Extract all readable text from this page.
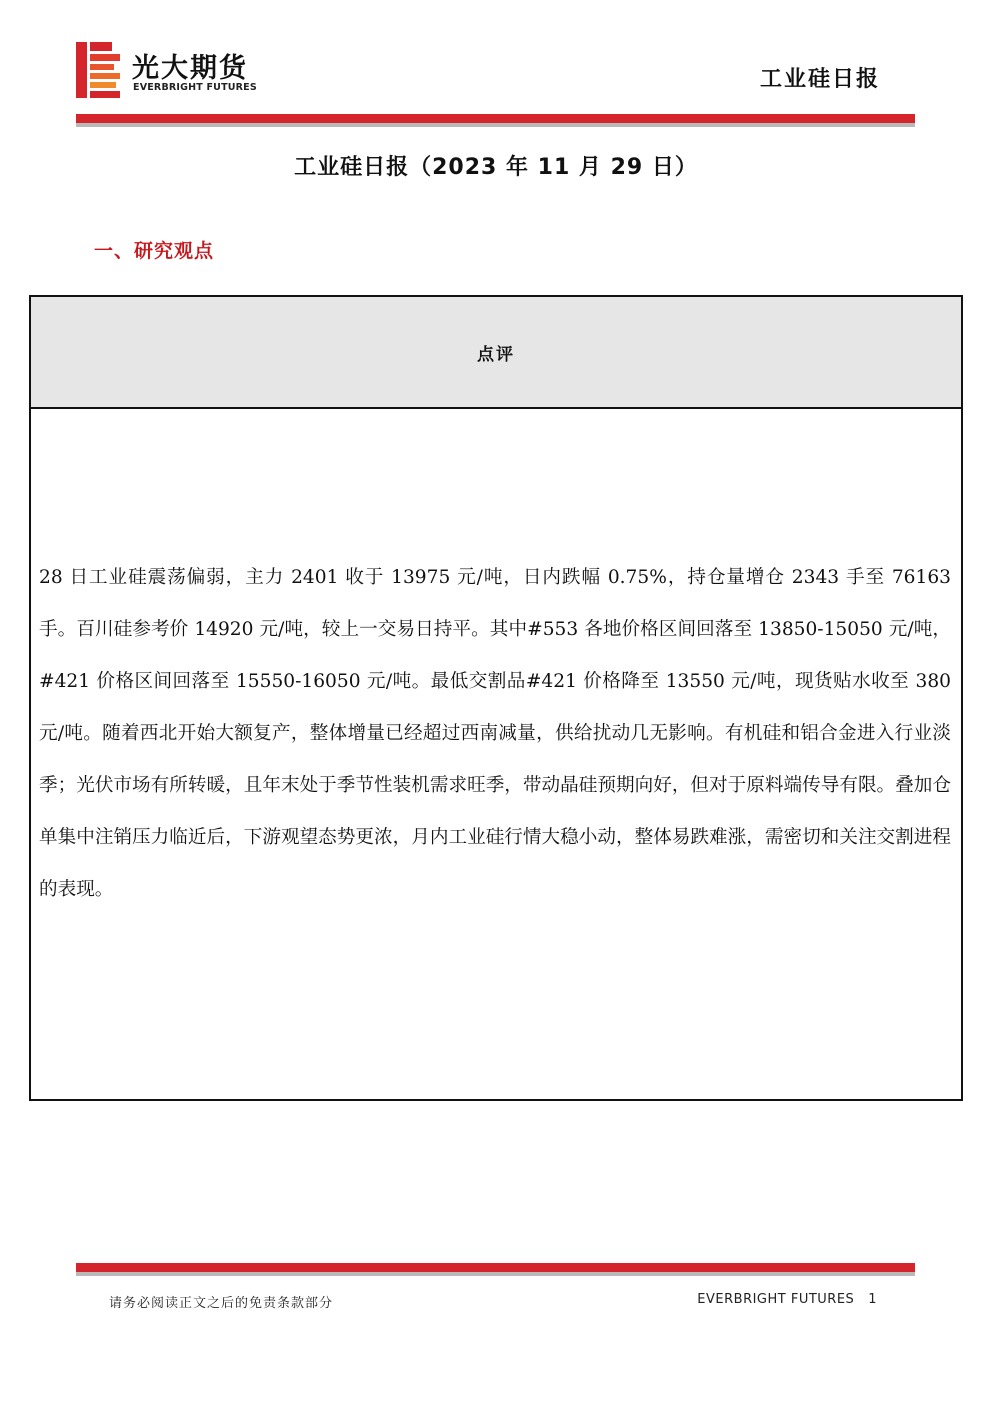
光大期货
EVERBRIGHT FUTURES	工业硅日报
工业硅日报（2023 年 11 月 29 日）
一、研究观点
点评

28 日工业硅震荡偏弱，主力 2401 收于 13975 元/吨，日内跌幅 0.75%，持仓量增仓 2343 手至 76163 手。百川硅参考价 14920 元/吨，较上一交易日持平。其中#553 各地价格区间回落至 13850-15050 元/吨，#421 价格区间回落至 15550-16050 元/吨。最低交割品#421 价格降至 13550 元/吨，现货贴水收至 380 元/吨。随着西北开始大额复产，整体增量已经超过西南减量，供给扰动几无影响。有机硅和铝合金进入行业淡季；光伏市场有所转暖，且年末处于季节性装机需求旺季，带动晶硅预期向好，但对于原料端传导有限。叠加仓单集中注销压力临近后，下游观望态势更浓，月内工业硅行情大稳小动，整体易跌难涨，需密切和关注交割进程的表现。

请务必阅读正文之后的免责条款部分	EVERBRIGHT FUTURES 1
